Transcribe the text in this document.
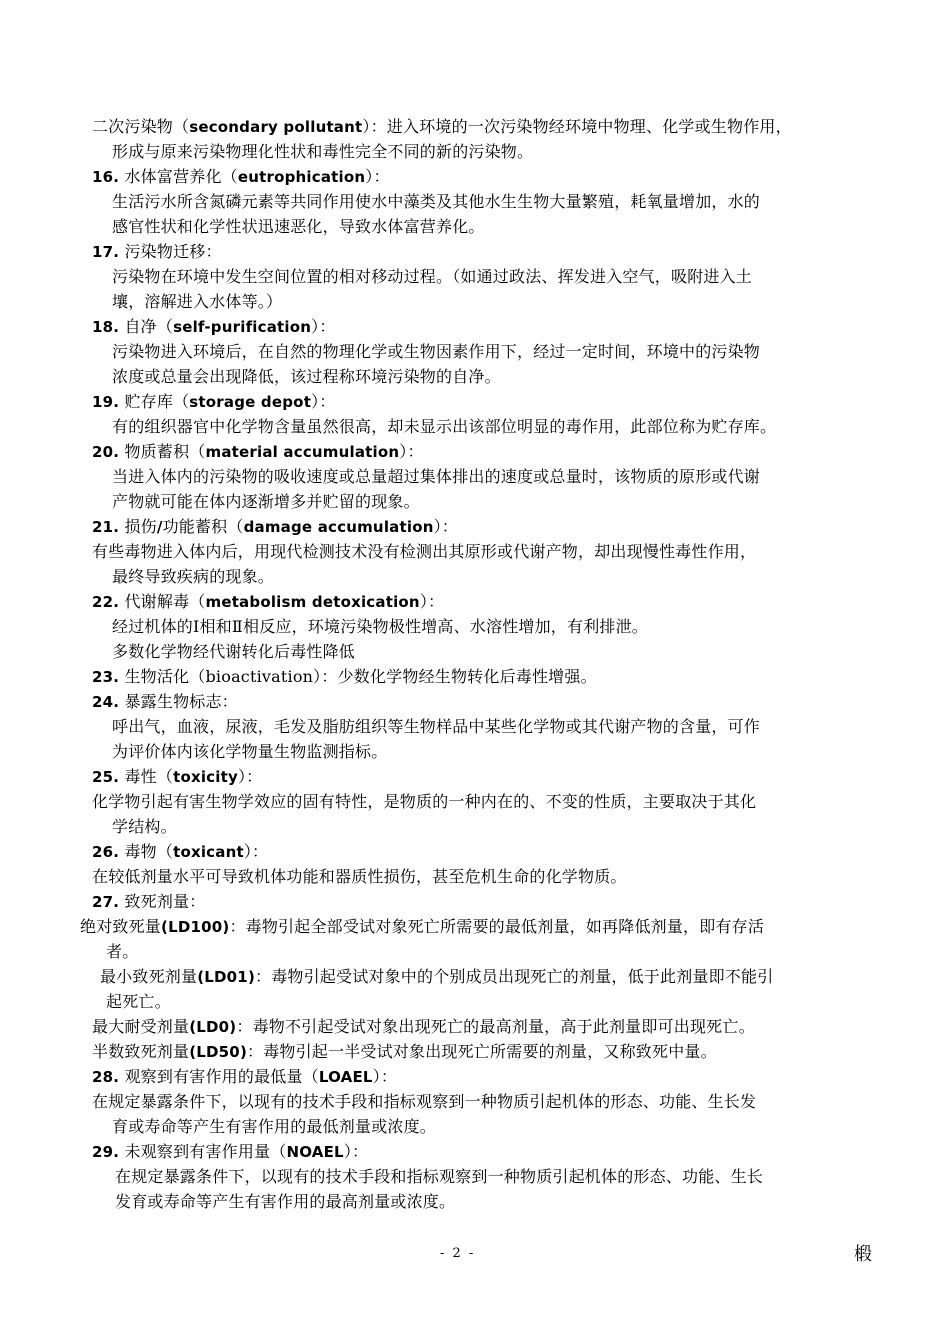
二次污染物（secondary pollutant）：进入环境的一次污染物经环境中物理、化学或生物作用，
形成与原来污染物理化性状和毒性完全不同的新的污染物。
16. 水体富营养化（eutrophication）：
生活污水所含氮磷元素等共同作用使水中藻类及其他水生生物大量繁殖，耗氧量增加，水的
感官性状和化学性状迅速恶化，导致水体富营养化。
17. 污染物迁移：
污染物在环境中发生空间位置的相对移动过程。（如通过政法、挥发进入空气，吸附进入土
壤，溶解进入水体等。）
18. 自净（self-purification）：
污染物进入环境后，在自然的物理化学或生物因素作用下，经过一定时间，环境中的污染物
浓度或总量会出现降低，该过程称环境污染物的自净。
19. 贮存库（storage depot）：
有的组织器官中化学物含量虽然很高，却未显示出该部位明显的毒作用，此部位称为贮存库。
20. 物质蓄积（material accumulation）：
当进入体内的污染物的吸收速度或总量超过集体排出的速度或总量时，该物质的原形或代谢
产物就可能在体内逐渐增多并贮留的现象。
21. 损伤/功能蓄积（damage accumulation）：
有些毒物进入体内后，用现代检测技术没有检测出其原形或代谢产物，却出现慢性毒性作用，
最终导致疾病的现象。
22. 代谢解毒（metabolism detoxication）：
经过机体的Ⅰ相和Ⅱ相反应，环境污染物极性增高、水溶性增加，有利排泄。
多数化学物经代谢转化后毒性降低
23. 生物活化（bioactivation）：少数化学物经生物转化后毒性增强。
24. 暴露生物标志：
呼出气，血液，尿液，毛发及脂肪组织等生物样品中某些化学物或其代谢产物的含量，可作
为评价体内该化学物量生物监测指标。
25. 毒性（toxicity）：
化学物引起有害生物学效应的固有特性，是物质的一种内在的、不变的性质，主要取决于其化
学结构。
26. 毒物（toxicant）：
在较低剂量水平可导致机体功能和器质性损伤，甚至危机生命的化学物质。
27. 致死剂量：
绝对致死量(LD100)：毒物引起全部受试对象死亡所需要的最低剂量，如再降低剂量，即有存活
者。
最小致死剂量(LD01)：毒物引起受试对象中的个别成员出现死亡的剂量，低于此剂量即不能引
起死亡。
最大耐受剂量(LD0)：毒物不引起受试对象出现死亡的最高剂量，高于此剂量即可出现死亡。
半数致死剂量(LD50)：毒物引起一半受试对象出现死亡所需要的剂量，又称致死中量。
28. 观察到有害作用的最低量（LOAEL）：
在规定暴露条件下，以现有的技术手段和指标观察到一种物质引起机体的形态、功能、生长发
育或寿命等产生有害作用的最低剂量或浓度。
29. 未观察到有害作用量（NOAEL）：
在规定暴露条件下，以现有的技术手段和指标观察到一种物质引起机体的形态、功能、生长
发育或寿命等产生有害作用的最高剂量或浓度。
- 2 -	椴
